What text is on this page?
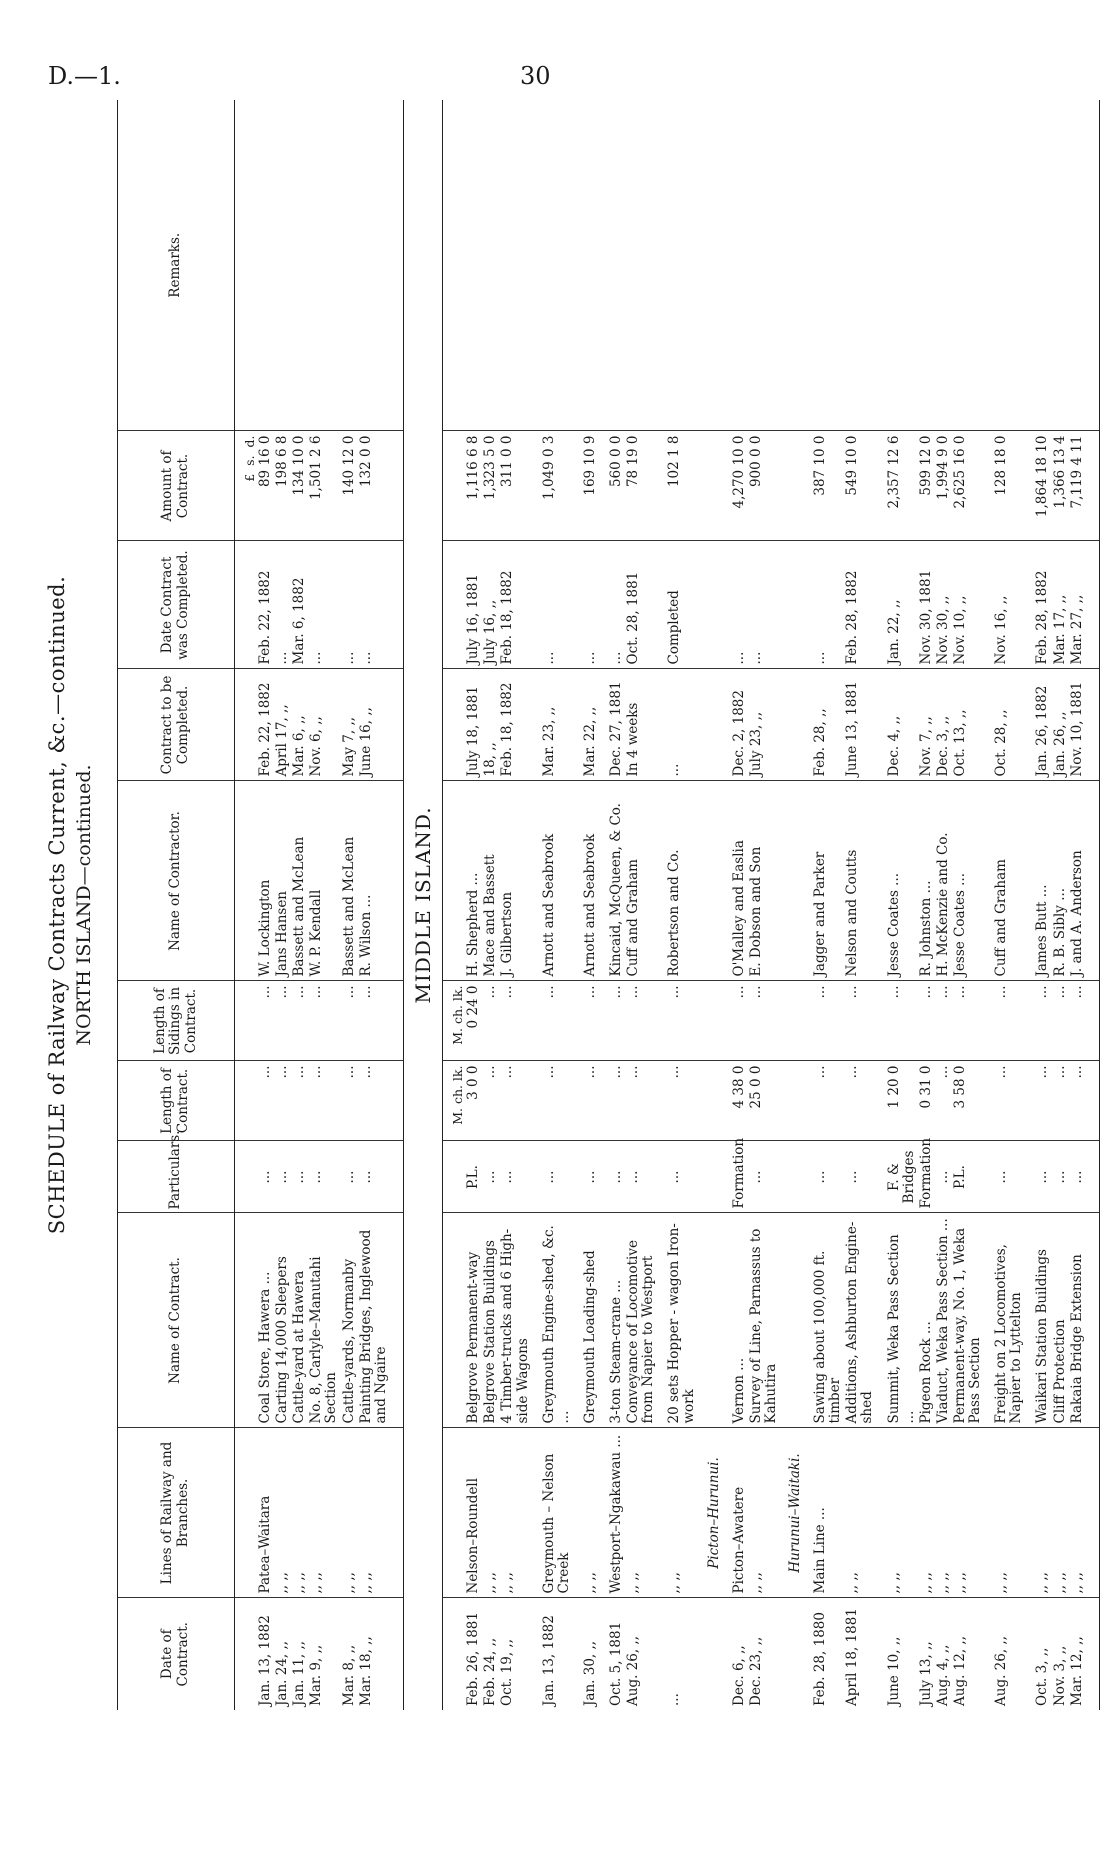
D.—1.	30
SCHEDULE of Railway Contracts Current, &c.—continued. NORTH ISLAND—continued.
Date of Contract.	Lines of Railway and Branches.	Name of Contract.	Particulars.	Length of Contract.	Length of Sidings in Contract.	Name of Contractor.	Contract to be Completed.	Date Contract was Completed.	Amount of Contract.	Remarks.
									£  s.  d.	
Jan. 13, 1882	Patea–Waitara	Coal Store, Hawera ...	...	...	...	W. Lockington	Feb. 22, 1882	Feb. 22, 1882	89 16 0	
Jan. 24, ,,	,, ,,	Carting 14,000 Sleepers	...	...	...	Jans Hansen	April 17, ,,	...	198 6 8	
Jan. 11, ,,	,, ,,	Cattle-yard at Hawera	...	...	...	Bassett and McLean	Mar. 6, ,,	Mar. 6, 1882	134 10 0	
Mar. 9, ,,	,, ,,	No. 8, Carlyle–Manutahi Section	...	...	...	W. P. Kendall	Nov. 6, ,,	...	1,501 2 6	
Mar. 8, ,,	,, ,,	Cattle-yards, Normanby	...	...	...	Bassett and McLean	May 7, ,,	...	140 12 0	
Mar. 18, ,,	,, ,,	Painting Bridges, Inglewood and Ngaire	...	...	...	R. Wilson ...	June 16, ,,	...	132 0 0	
MIDDLE ISLAND.										
				M. ch. lk.	M. ch. lk.					
Feb. 26, 1881	Nelson–Roundell	Belgrove Permanent-way	P.L.	3 0 0	0 24 0	H. Shepherd ...	July 18, 1881	July 16, 1881	1,116 6 8	
Feb. 24, ,,	,, ,,	Belgrove Station Buildings	...	...	...	Mace and Bassett	18, ,,	July 16, ,,	1,323 5 0	
Oct. 19, ,,	,, ,,	4 Timber-trucks and 6 High-side Wagons	...	...	...	J. Gilbertson	Feb. 18, 1882	Feb. 18, 1882	311 0 0	
Jan. 13, 1882	Greymouth – Nelson Creek	Greymouth Engine-shed, &c. ...	...	...	...	Arnott and Seabrook	Mar. 23, ,,	...	1,049 0 3	
Jan. 30, ,,	,, ,,	Greymouth Loading-shed	...	...	...	Arnott and Seabrook	Mar. 22, ,,	...	169 10 9	
Oct. 5, 1881	Westport–Ngakawau ...	3-ton Steam-crane ...	...	...	...	Kincaid, McQueen, & Co.	Dec. 27, 1881	...	560 0 0	
Aug. 26, ,,	,, ,,	Conveyance of Locomotive from Napier to Westport	...	...	...	Cuff and Graham	In 4 weeks	Oct. 28, 1881	78 19 0	
...	,, ,,	20 sets Hopper - wagon Iron-work	...	...	...	Robertson and Co.	...	Completed	102 1 8	
	Picton–Hurunui.									
Dec. 6, ,,	Picton–Awatere	Vernon ...	Formation	4 38 0	...	O'Malley and Easlia	Dec. 2, 1882	...	4,270 10 0	
Dec. 23, ,,	,, ,,	Survey of Line, Parnassus to Kahutira	...	25 0 0	...	E. Dobson and Son	July 23, ,,	...	900 0 0	
	Hurunui–Waitaki.									
Feb. 28, 1880	Main Line ...	Sawing about 100,000 ft. timber	...	...	...	Jagger and Parker	Feb. 28, ,,	...	387 10 0	
April 18, 1881	,, ,,	Additions, Ashburton Engine-shed	...	...	...	Nelson and Coutts	June 13, 1881	Feb. 28, 1882	549 10 0	
June 10, ,,	,, ,,	Summit, Weka Pass Section ...	F. & Bridges	1 20 0	...	Jesse Coates ...	Dec. 4, ,,	Jan. 22, ,,	2,357 12 6	
July 13, ,,	,, ,,	Pigeon Rock ...	Formation	0 31 0	...	R. Johnston ...	Nov. 7, ,,	Nov. 30, 1881	599 12 0	
Aug. 4, ,,	,, ,,	Viaduct, Weka Pass Section ...	...	...	...	H. McKenzie and Co.	Dec. 3, ,,	Nov. 30, ,,	1,994 9 0	
Aug. 12, ,,	,, ,,	Permanent-way, No. 1, Weka Pass Section	P.L.	3 58 0	...	Jesse Coates ...	Oct. 13, ,,	Nov. 10, ,,	2,625 16 0	
Aug. 26, ,,	,, ,,	Freight on 2 Locomotives, Napier to Lyttelton	...	...	...	Cuff and Graham	Oct. 28, ,,	Nov. 16, ,,	128 18 0	
Oct. 3, ,,	,, ,,	Waikari Station Buildings	...	...	...	James Butt ...	Jan. 26, 1882	Feb. 28, 1882	1,864 18 10	
Nov. 3, ,,	,, ,,	Cliff Protection	...	...	...	R. B. Sibly ...	Jan. 26, ,,	Mar. 17, ,,	1,366 13 4	
Mar. 12, ,,	,, ,,	Rakaia Bridge Extension	...	...	...	J. and A. Anderson	Nov. 10, 1881	Mar. 27, ,,	7,119 4 11	
